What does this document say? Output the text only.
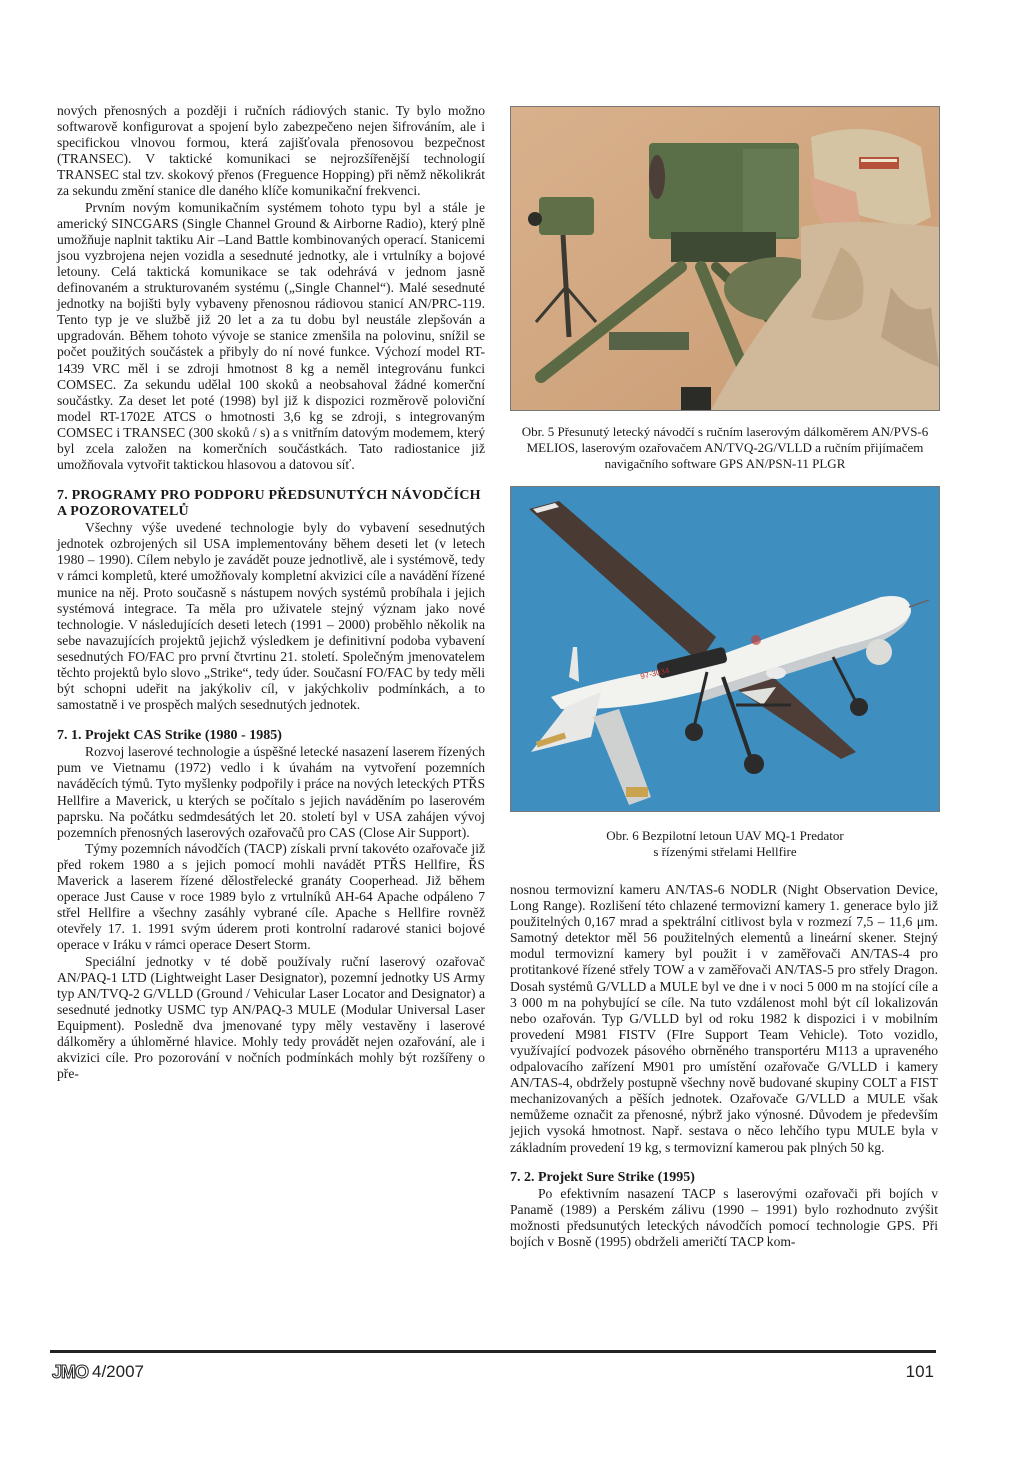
nových přenosných a později i ručních rádiových stanic. Ty bylo možno softwarově konfigurovat a spojení bylo zabezpečeno nejen šifrováním, ale i specifickou vlnovou formou, která zajišťovala přenosovou bezpečnost (TRANSEC). V taktické komunikaci se nejrozšířenější technologií TRANSEC stal tzv. skokový přenos (Freguence Hopping) při němž několikrát za sekundu změní stanice dle daného klíče komunikační frekvenci.

Prvním novým komunikačním systémem tohoto typu byl a stále je americký SINCGARS (Single Channel Ground & Airborne Radio), který plně umožňuje naplnit taktiku Air –Land Battle kombinovaných operací. Stanicemi jsou vyzbrojena nejen vozidla a sesednuté jednotky, ale i vrtulníky a bojové letouny. Celá taktická komunikace se tak odehrává v jednom jasně definovaném a strukturovaném systému („Single Channel“). Malé sesednuté jednotky na bojišti byly vybaveny přenosnou rádiovou stanicí AN/PRC-119. Tento typ je ve službě již 20 let a za tu dobu byl neustále zlepšován a upgradován. Během tohoto vývoje se stanice zmenšila na polovinu, snížil se počet použitých součástek a přibyly do ní nové funkce. Výchozí model RT-1439 VRC měl i se zdroji hmotnost 8 kg a neměl integrovánu funkci COMSEC. Za sekundu udělal 100 skoků a neobsahoval žádné komerční součástky. Za deset let poté (1998) byl již k dispozici rozměrově poloviční model RT-1702E ATCS o hmotnosti 3,6 kg se zdroji, s integrovaným COMSEC i TRANSEC (300 skoků / s) a s vnitřním datovým modemem, který byl zcela založen na komerčních součástkách. Tato radiostanice již umožňovala vytvořit taktickou hlasovou a datovou síť.

7. PROGRAMY PRO PODPORU PŘEDSUNUTÝCH NÁVODČÍCH A POZOROVATELŮ

Všechny výše uvedené technologie byly do vybavení sesednutých jednotek ozbrojených sil USA implementovány během deseti let (v letech 1980 – 1990). Cílem nebylo je zavádět pouze jednotlivě, ale i systémově, tedy v rámci kompletů, které umožňovaly kompletní akvizici cíle a navádění řízené munice na něj. Proto současně s nástupem nových systémů probíhala i jejich systémová integrace. Ta měla pro uživatele stejný význam jako nové technologie. V následujících deseti letech (1991 – 2000) proběhlo několik na sebe navazujících projektů jejichž výsledkem je definitivní podoba vybavení sesednutých FO/FAC pro první čtvrtinu 21. století. Společným jmenovatelem těchto projektů bylo slovo „Strike“, tedy úder. Současní FO/FAC by tedy měli být schopni udeřit na jakýkoliv cíl, v jakýchkoliv podmínkách, a to samostatně i ve prospěch malých sesednutých jednotek.

7. 1. Projekt CAS Strike (1980 - 1985)

Rozvoj laserové technologie a úspěšné letecké nasazení laserem řízených pum ve Vietnamu (1972) vedlo i k úvahám na vytvoření pozemních naváděcích týmů. Tyto myšlenky podpořily i práce na nových leteckých PTŘS Hellfire a Maverick, u kterých se počítalo s jejich naváděním po laserovém paprsku. Na počátku sedmdesátých let 20. století byl v USA zahájen vývoj pozemních přenosných laserových ozařovačů pro CAS (Close Air Support).

Týmy pozemních návodčích (TACP) získali první takovéto ozařovače již před rokem 1980 a s jejich pomocí mohli navádět PTŘS Hellfire, ŘS Maverick a laserem řízené dělostřelecké granáty Cooperhead. Již během operace Just Cause v roce 1989 bylo z vrtulníků AH-64 Apache odpáleno 7 střel Hellfire a všechny zasáhly vybrané cíle. Apache s Hellfire rovněž otevřely 17. 1. 1991 svým úderem proti kontrolní radarové stanici bojové operace v Iráku v rámci operace Desert Storm.

Speciální jednotky v té době používaly ruční laserový ozařovač AN/PAQ-1 LTD (Lightweight Laser Designator), pozemní jednotky US Army typ AN/TVQ-2 G/VLLD (Ground / Vehicular Laser Locator and Designator) a sesednuté jednotky USMC typ AN/PAQ-3 MULE (Modular Universal Laser Equipment). Posledně dva jmenované typy měly vestavěny i laserové dálkoměry a úhloměrné hlavice. Mohly tedy provádět nejen ozařování, ale i akvizici cíle. Pro pozorování v nočních podmínkách mohly být rozšířeny o pře-

Obr. 5 Přesunutý letecký návodčí s ručním laserovým dálkoměrem AN/PVS-6 MELIOS, laserovým ozařovačem AN/TVQ-2G/VLLD a ručním přijímačem navigačního software GPS AN/PSN-11 PLGR
97-3034
Obr. 6 Bezpilotní letoun UAV MQ-1 Predator
s řízenými střelami Hellfire

nosnou termovizní kameru AN/TAS-6 NODLR (Night Observation Device, Long Range). Rozlišení této chlazené termovizní kamery 1. generace bylo již použitelných 0,167 mrad a spektrální citlivost byla v rozmezí 7,5 – 11,6 μm. Samotný detektor měl 56 použitelných elementů a lineární skener. Stejný modul termovizní kamery byl použit i v zaměřovači AN/TAS-4 pro protitankové řízené střely TOW a v zaměřovači AN/TAS-5 pro střely Dragon. Dosah systémů G/VLLD a MULE byl ve dne i v noci 5 000 m na stojící cíle a 3 000 m na pohybující se cíle. Na tuto vzdálenost mohl být cíl lokalizován nebo ozařován. Typ G/VLLD byl od roku 1982 k dispozici i v mobilním provedení M981 FISTV (FIre Support Team Vehicle). Toto vozidlo, využívající podvozek pásového obrněného transportéru M113 a upraveného odpalovacího zařízení M901 pro umístění ozařovače G/VLLD i kamery AN/TAS-4, obdržely postupně všechny nově budované skupiny COLT a FIST mechanizovaných a pěších jednotek. Ozařovače G/VLLD a MULE však nemůžeme označit za přenosné, nýbrž jako výnosné. Důvodem je především jejich vysoká hmotnost. Např. sestava o něco lehčího typu MULE byla v základním provedení 19 kg, s termovizní kamerou pak plných 50 kg.

7. 2. Projekt Sure Strike (1995)

Po efektivním nasazení TACP s laserovými ozařovači při bojích v Panamě (1989) a Perském zálivu (1990 – 1991) bylo rozhodnuto zvýšit možnosti předsunutých leteckých návodčích pomocí technologie GPS. Při bojích v Bosně (1995) obdrželi američtí TACP kom-

JMO 4/2007	101
